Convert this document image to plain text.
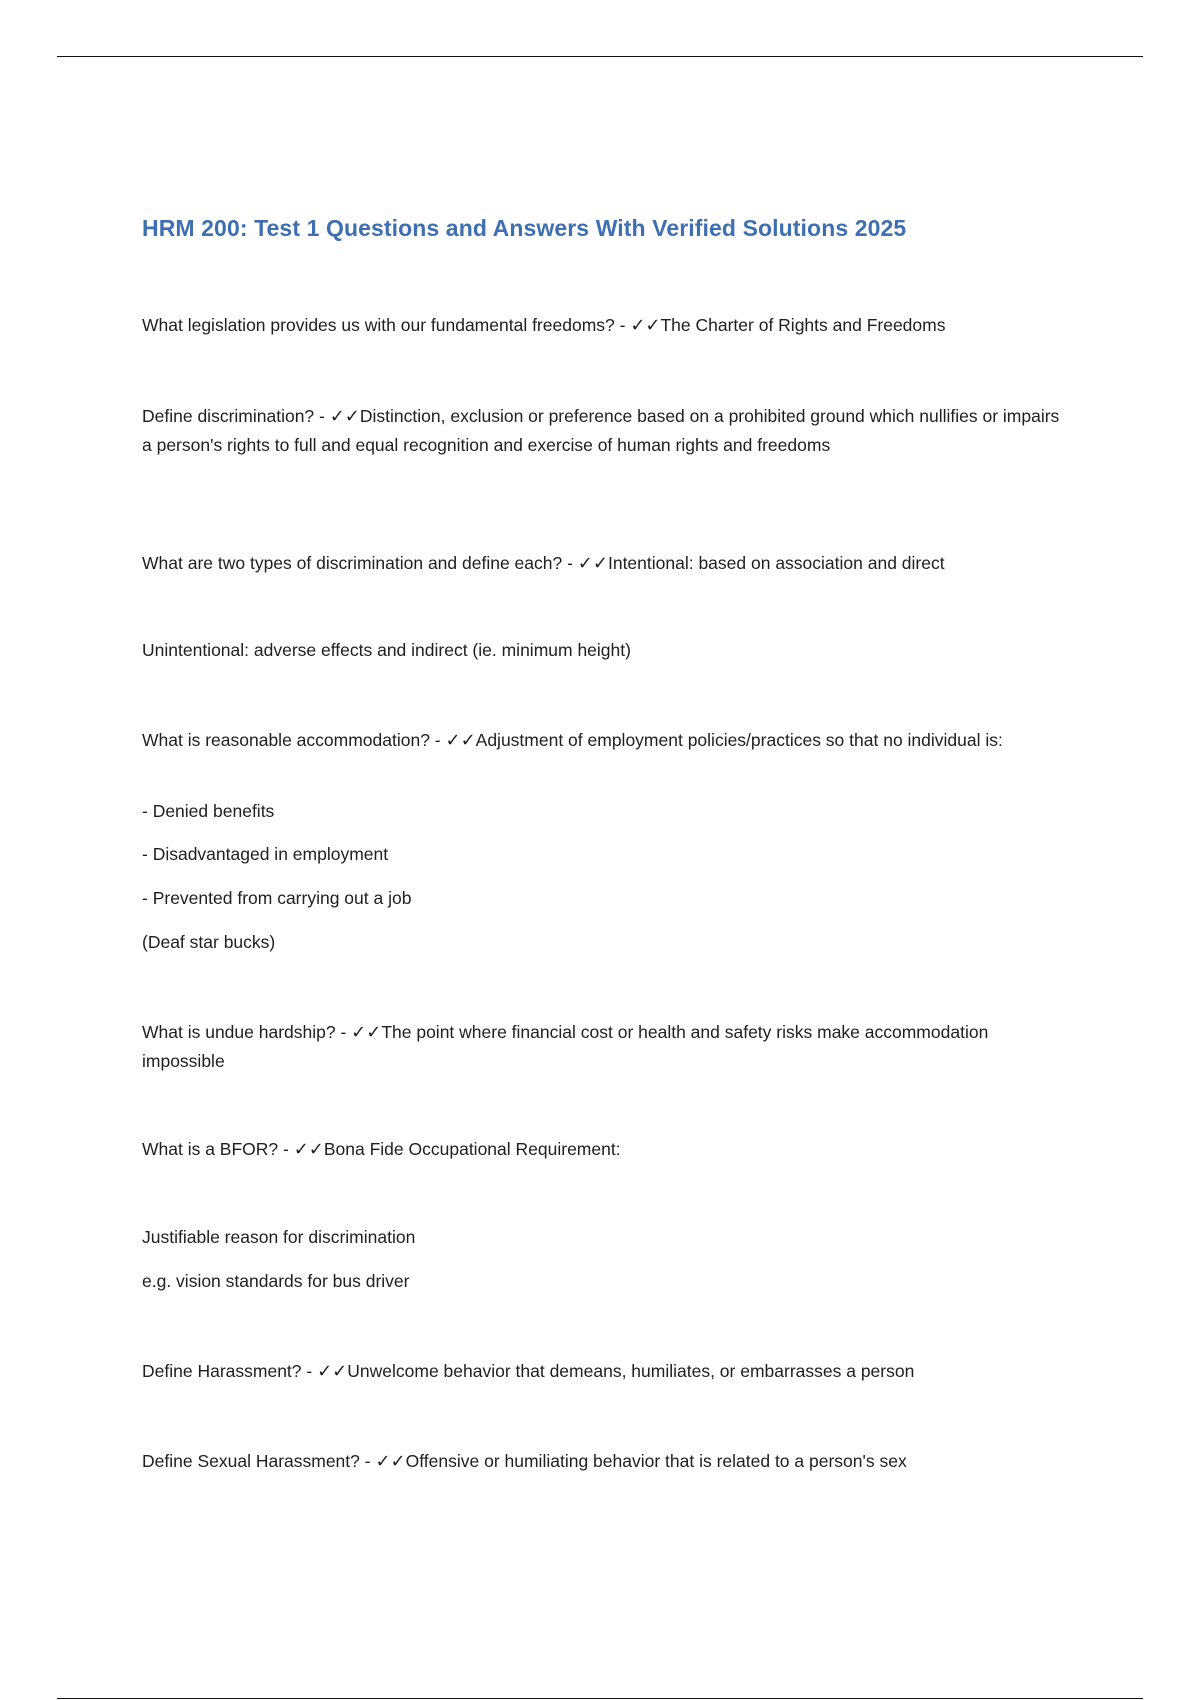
HRM 200: Test 1 Questions and Answers With Verified Solutions 2025

What legislation provides us with our fundamental freedoms? - ✓✓The Charter of Rights and Freedoms

Define discrimination? - ✓✓Distinction, exclusion or preference based on a prohibited ground which nullifies or impairs a person's rights to full and equal recognition and exercise of human rights and freedoms

What are two types of discrimination and define each? - ✓✓Intentional: based on association and direct

Unintentional: adverse effects and indirect (ie. minimum height)

What is reasonable accommodation? - ✓✓Adjustment of employment policies/practices so that no individual is:

- Denied benefits

- Disadvantaged in employment

- Prevented from carrying out a job

(Deaf star bucks)

What is undue hardship? - ✓✓The point where financial cost or health and safety risks make accommodation impossible

What is a BFOR? - ✓✓Bona Fide Occupational Requirement:

Justifiable reason for discrimination

e.g. vision standards for bus driver

Define Harassment? - ✓✓Unwelcome behavior that demeans, humiliates, or embarrasses a person

Define Sexual Harassment? - ✓✓Offensive or humiliating behavior that is related to a person's sex
